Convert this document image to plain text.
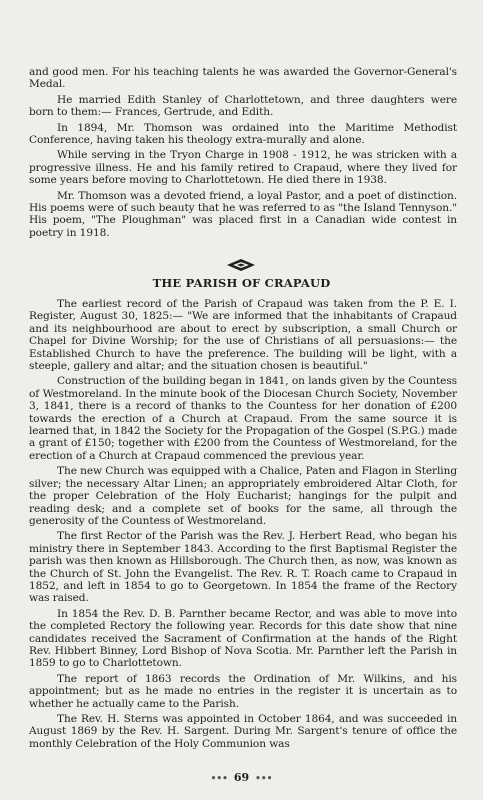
and good men. For his teaching talents he was awarded the Governor-General's Medal.

He married Edith Stanley of Charlottetown, and three daughters were born to them:— Frances, Gertrude, and Edith.

In 1894, Mr. Thomson was ordained into the Maritime Methodist Conference, having taken his theology extra-murally and alone.

While serving in the Tryon Charge in 1908 - 1912, he was stricken with a progressive illness. He and his family retired to Crapaud, where they lived for some years before moving to Charlottetown. He died there in 1938.

Mr. Thomson was a devoted friend, a loyal Pastor, and a poet of distinction. His poems were of such beauty that he was referred to as "the Island Tennyson." His poem, "The Ploughman" was placed first in a Canadian wide contest in poetry in 1918.

THE PARISH OF CRAPAUD

The earliest record of the Parish of Crapaud was taken from the P. E. I. Register, August 30, 1825:— "We are informed that the inhabitants of Crapaud and its neighbourhood are about to erect by subscription, a small Church or Chapel for Divine Worship; for the use of Christians of all persuasions:— the Established Church to have the preference. The building will be light, with a steeple, gallery and altar; and the situation chosen is beautiful."

Construction of the building began in 1841, on lands given by the Countess of Westmoreland. In the minute book of the Diocesan Church Society, November 3, 1841, there is a record of thanks to the Countess for her donation of £200 towards the erection of a Church at Crapaud. From the same source it is learned that, in 1842 the Society for the Propagation of the Gospel (S.P.G.) made a grant of £150; together with £200 from the Countess of Westmoreland, for the erection of a Church at Crapaud commenced the previous year.

The new Church was equipped with a Chalice, Paten and Flagon in Sterling silver; the necessary Altar Linen; an appropriately embroidered Altar Cloth, for the proper Celebration of the Holy Eucharist; hangings for the pulpit and reading desk; and a complete set of books for the same, all through the generosity of the Countess of Westmoreland.

The first Rector of the Parish was the Rev. J. Herbert Read, who began his ministry there in September 1843. According to the first Baptismal Register the parish was then known as Hillsborough. The Church then, as now, was known as the Church of St. John the Evangelist. The Rev. R. T. Roach came to Crapaud in 1852, and left in 1854 to go to Georgetown. In 1854 the frame of the Rectory was raised.

In 1854 the Rev. D. B. Parnther became Rector, and was able to move into the completed Rectory the following year. Records for this date show that nine candidates received the Sacrament of Confirmation at the hands of the Right Rev. Hibbert Binney, Lord Bishop of Nova Scotia. Mr. Parnther left the Parish in 1859 to go to Charlottetown.

The report of 1863 records the Ordination of Mr. Wilkins, and his appointment; but as he made no entries in the register it is uncertain as to whether he actually came to the Parish.

The Rev. H. Sterns was appointed in October 1864, and was succeeded in August 1869 by the Rev. H. Sargent. During Mr. Sargent's tenure of office the monthly Celebration of the Holy Communion was

••• 69 •••
